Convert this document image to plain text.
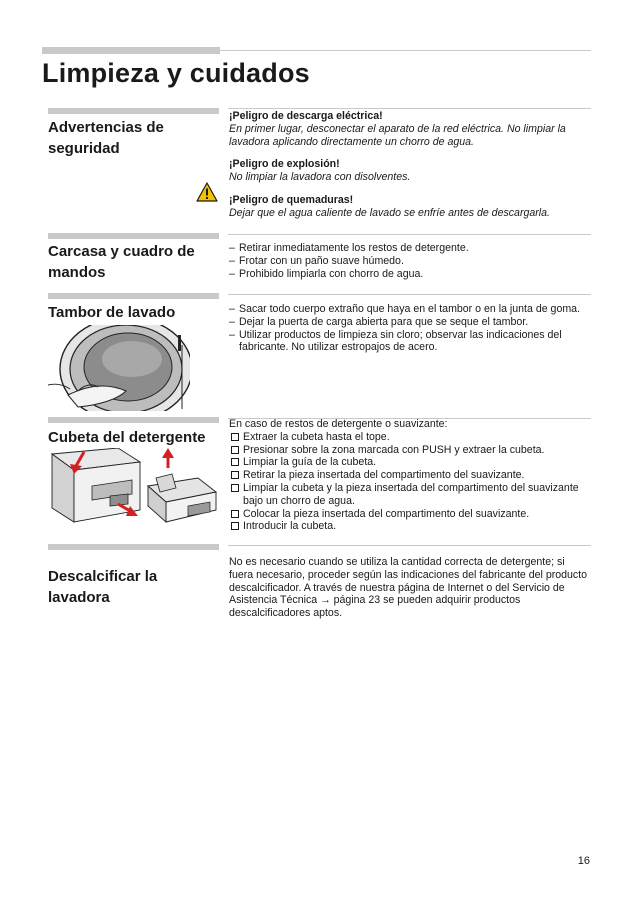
Limpieza y cuidados
Advertencias de seguridad

¡Peligro de descarga eléctrica!

En primer lugar, desconectar el aparato de la red eléctrica. No limpiar la lavadora aplicando directamente un chorro de agua.

¡Peligro de explosión!

No limpiar la lavadora con disolventes.

¡Peligro de quemaduras!

Dejar que el agua caliente de lavado se enfríe antes de descargarla.

Carcasa y cuadro de mandos

– Retirar inmediatamente los restos de detergente.

– Frotar con un paño suave húmedo.

– Prohibido limpiarla con chorro de agua.

Tambor de lavado

–	Sacar todo cuerpo extraño que haya en el tambor o en la junta de goma.

– Dejar la puerta de carga abierta para que se seque el tambor.

– Utilizar productos de limpieza sin cloro; observar las indicaciones del fabricante. No utilizar estropajos de acero.

Cubeta del detergente

En caso de restos de detergente o suavizante:

Extraer la cubeta hasta el tope.

Presionar sobre la zona marcada con PUSH y extraer la cubeta.

Limpiar la guía de la cubeta.

Retirar la pieza insertada del compartimento del suavizante.

Limpiar la cubeta y la pieza insertada del compartimento del suavizante bajo un chorro de agua.

Colocar la pieza insertada del compartimento del suavizante.

Introducir la cubeta.

Descalcificar la lavadora
No es necesario cuando se utiliza la cantidad correcta de detergente; si fuera necesario, proceder según las indicaciones del fabricante del producto descalcificador. A través de nuestra página de Internet o del Servicio de Asistencia Técnica → página 23 se pueden adquirir productos descalcificadores aptos.
16
